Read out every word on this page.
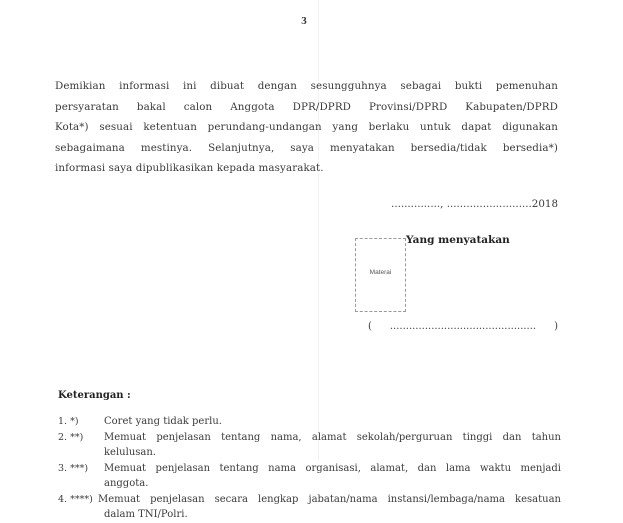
3
Demikian informasi ini dibuat dengan sesungguhnya sebagai bukti pemenuhan
persyaratan bakal calon Anggota DPR/DPRD Provinsi/DPRD Kabupaten/DPRD
Kota*) sesuai ketentuan perundang-undangan yang berlaku untuk dapat digunakan
sebagaimana mestinya. Selanjutnya, saya menyatakan bersedia/tidak bersedia*)
informasi saya dipublikasikan kepada masyarakat.
..............., ..........................2018
Materai
Yang menyatakan
( .............................................. )
Keterangan :
1. *)	Coret yang tidak perlu.
2. **)	Memuat penjelasan tentang nama, alamat sekolah/perguruan tinggi dan tahun
kelulusan.
3. ***)	Memuat penjelasan tentang nama organisasi, alamat, dan lama waktu menjadi
anggota.
4. ****) Memuat penjelasan secara lengkap jabatan/nama instansi/lembaga/nama kesatuan
dalam TNI/Polri.
